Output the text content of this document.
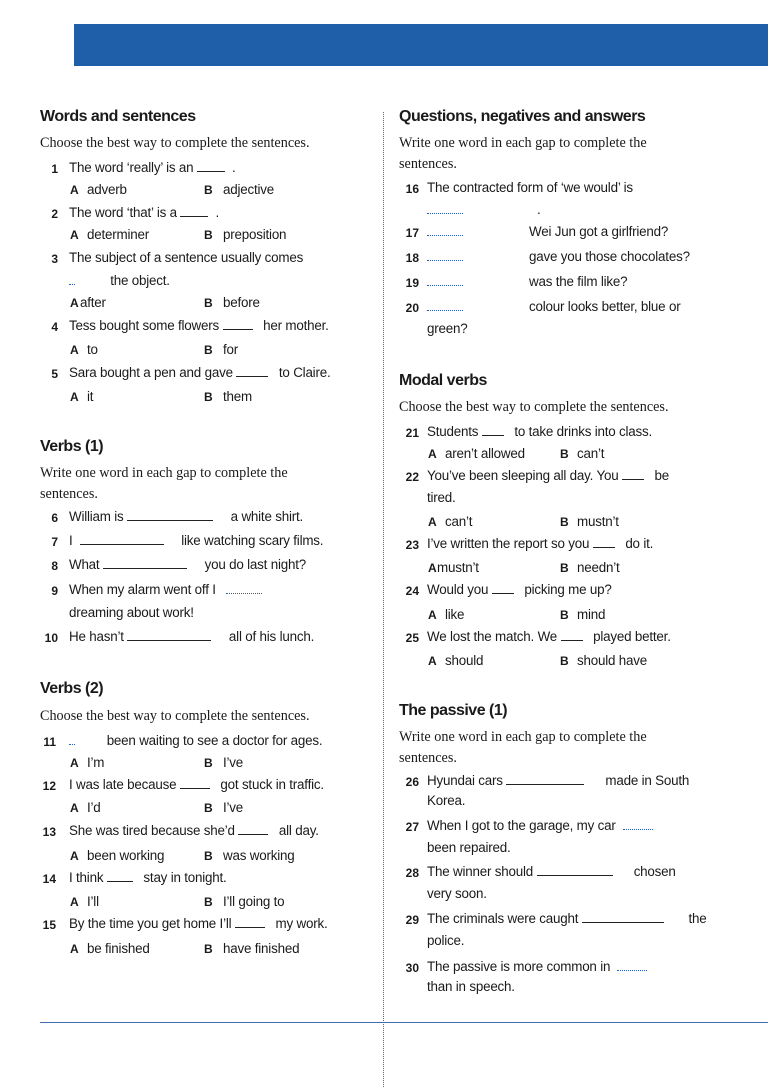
Words and sentences

Choose the best way to complete the sentences.

1 The word ‘really’ is an	.
A adverb	B adjective
2 The word ‘that’ is a	.
A determiner	B preposition
3 The subject of a sentence usually comes
the object.
A after	B before
4 Tess bought some flowers	her mother.
A to	B for
5 Sara bought a pen and gave	to Claire.
A it	B them
Verbs (1)

Write one word in each gap to complete the sentences.

6 William is	a white shirt.
7 I	like watching scary films.
8 What	you do last night?
9 When my alarm went off I
dreaming about work!
10 He hasn’t	all of his lunch.
Verbs (2)

Choose the best way to complete the sentences.

11	been waiting to see a doctor for ages.
A I’m	B I’ve
12 I was late because	got stuck in traffic.
A I’d	B I’ve
13 She was tired because she’d	all day.
A been working	B was working
14 I think	stay in tonight.
A I’ll	B I’ll going to
15 By the time you get home I’ll	my work.
A be finished	B have finished
Questions, negatives and answers

Write one word in each gap to complete the sentences.

16 The contracted form of ‘we would’ is
.
17	Wei Jun got a girlfriend?
18	gave you those chocolates?
19	was the film like?
20	colour looks better, blue or
green?
Modal verbs

Choose the best way to complete the sentences.

21 Students	to take drinks into class.
A aren’t allowed	B can’t
22 You’ve been sleeping all day. You	be
tired.
A can’t	B mustn’t
23 I’ve written the report so you	do it.
A mustn’t	B needn’t
24 Would you	picking me up?
A like	B mind
25 We lost the match. We	played better.
A should	B should have
The passive (1)

Write one word in each gap to complete the sentences.

26 Hyundai cars	made in South
Korea.
27 When I got to the garage, my car
been repaired.
28 The winner should	chosen
very soon.
29 The criminals were caught	the
police.
30 The passive is more common in
than in speech.
